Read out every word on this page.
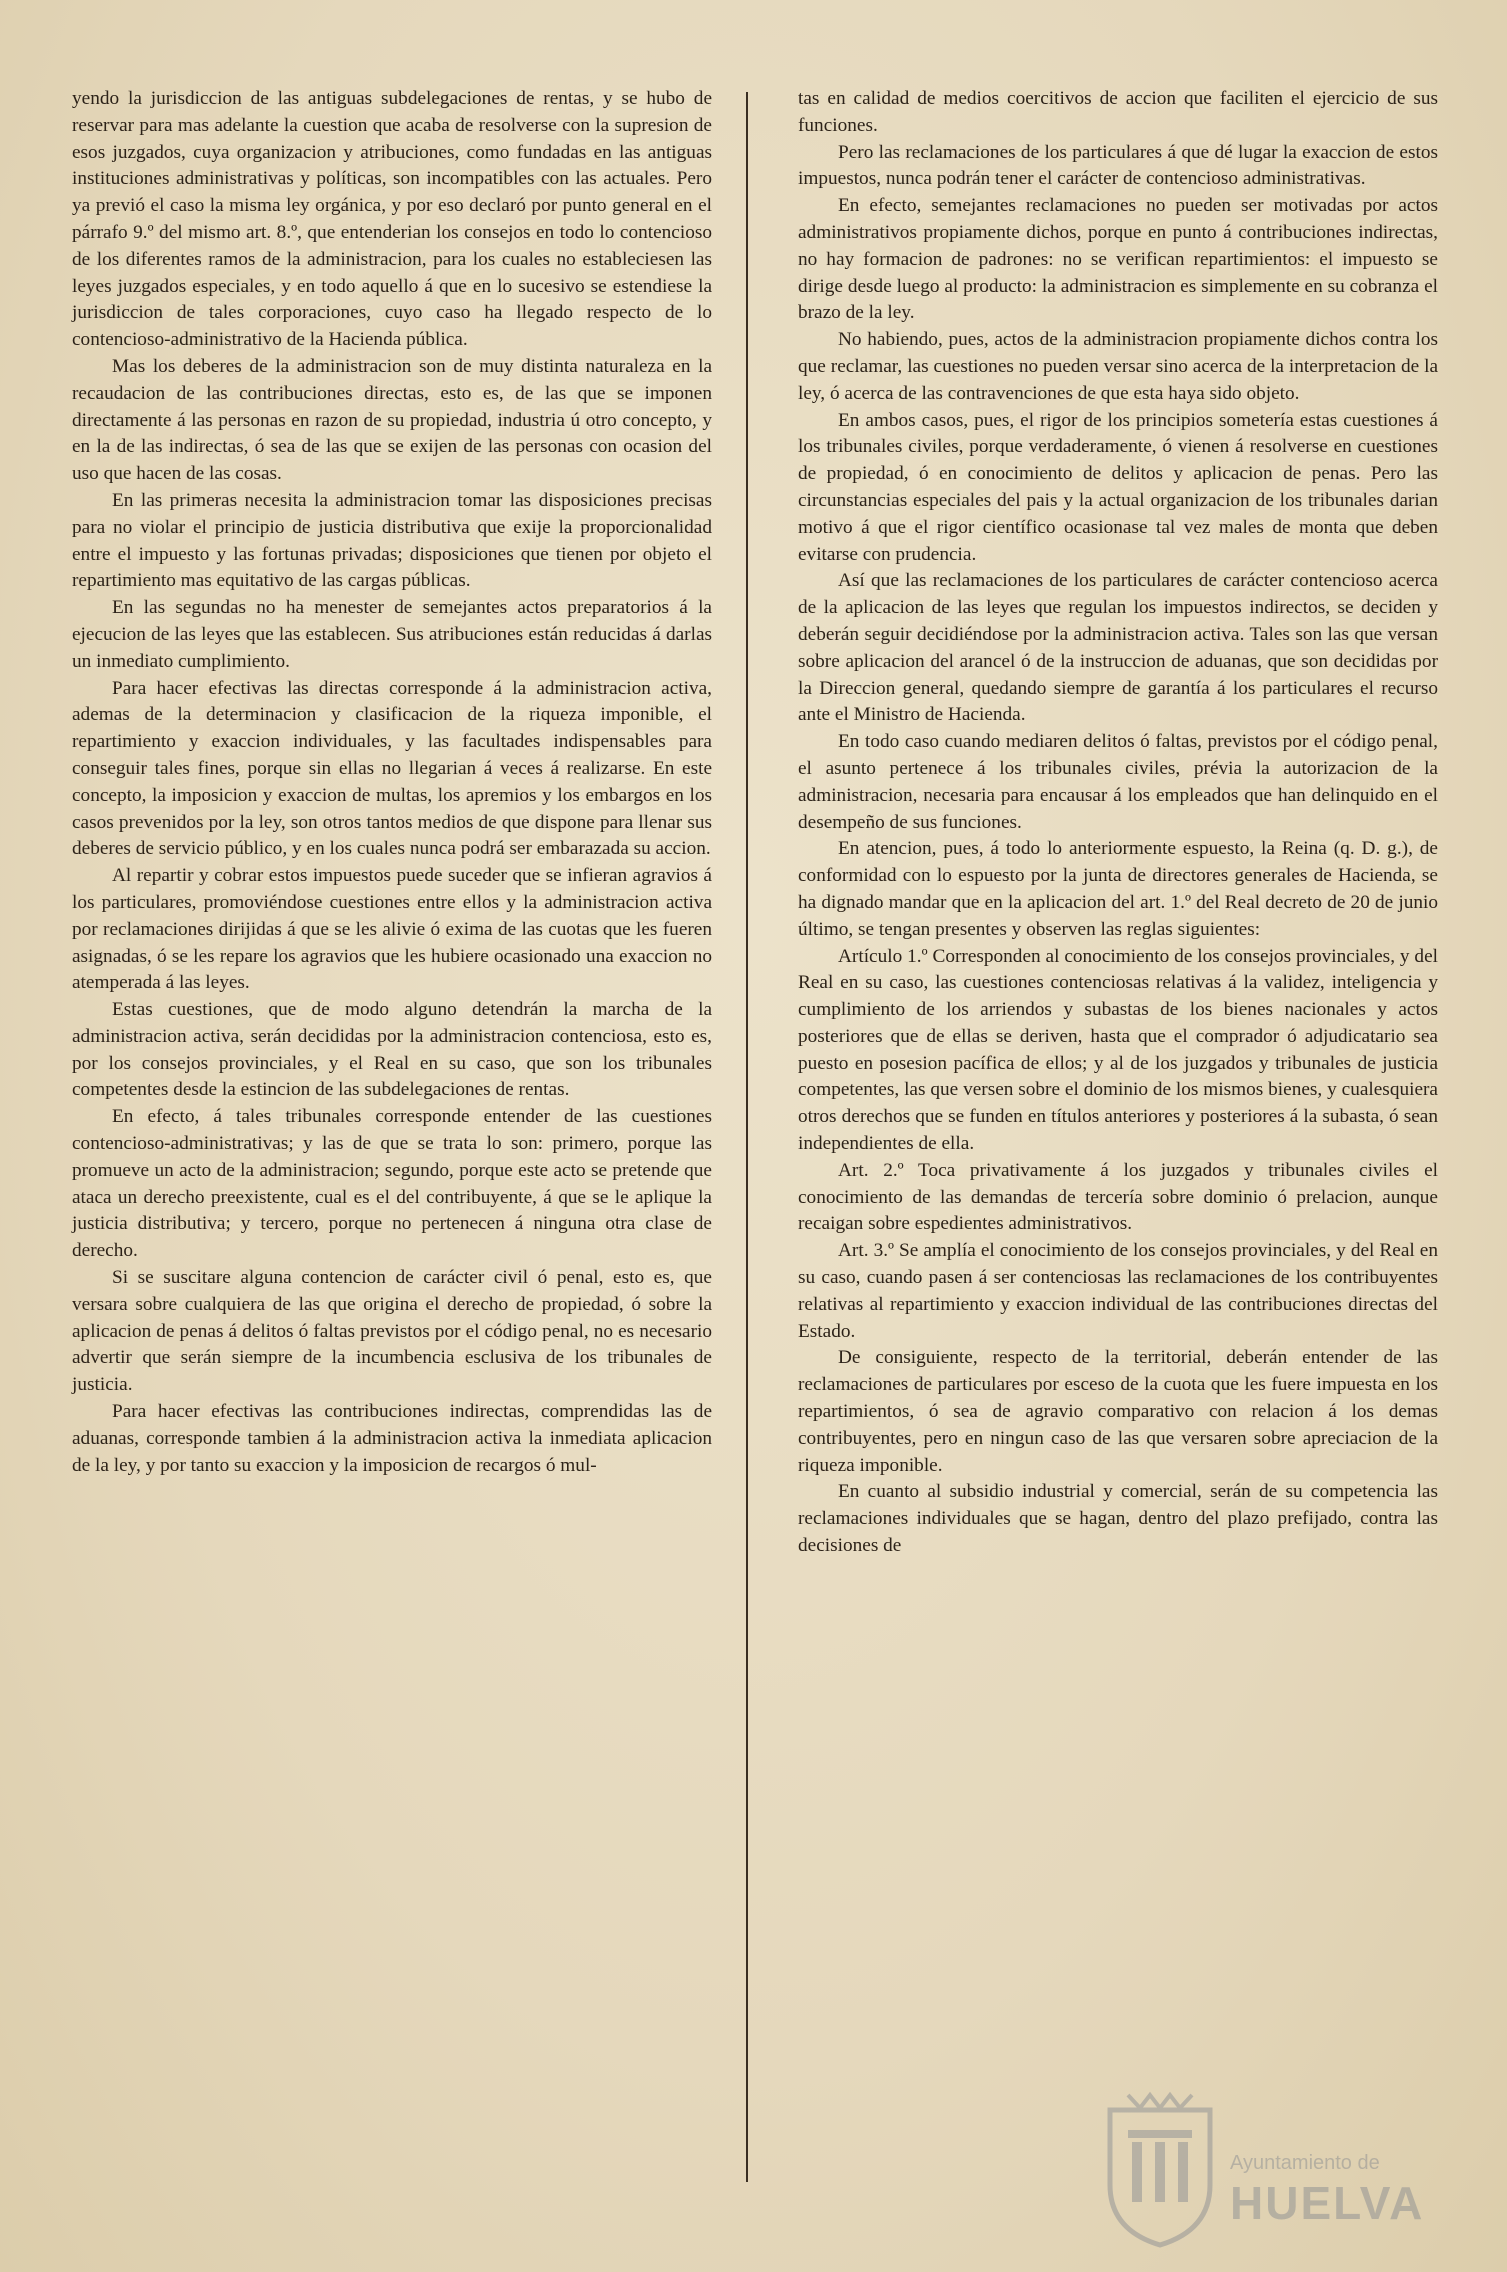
yendo la jurisdiccion de las antiguas subdelegaciones de rentas, y se hubo de reservar para mas adelante la cuestion que acaba de resolverse con la supresion de esos juzgados, cuya organizacion y atribuciones, como fundadas en las antiguas instituciones administrativas y políticas, son incompatibles con las actuales. Pero ya previó el caso la misma ley orgánica, y por eso declaró por punto general en el párrafo 9.º del mismo art. 8.º, que entenderian los consejos en todo lo contencioso de los diferentes ramos de la administracion, para los cuales no estableciesen las leyes juzgados especiales, y en todo aquello á que en lo sucesivo se estendiese la jurisdiccion de tales corporaciones, cuyo caso ha llegado respecto de lo contencioso-administrativo de la Hacienda pública.

Mas los deberes de la administracion son de muy distinta naturaleza en la recaudacion de las contribuciones directas, esto es, de las que se imponen directamente á las personas en razon de su propiedad, industria ú otro concepto, y en la de las indirectas, ó sea de las que se exijen de las personas con ocasion del uso que hacen de las cosas.

En las primeras necesita la administracion tomar las disposiciones precisas para no violar el principio de justicia distributiva que exije la proporcionalidad entre el impuesto y las fortunas privadas; disposiciones que tienen por objeto el repartimiento mas equitativo de las cargas públicas.

En las segundas no ha menester de semejantes actos preparatorios á la ejecucion de las leyes que las establecen. Sus atribuciones están reducidas á darlas un inmediato cumplimiento.

Para hacer efectivas las directas corresponde á la administracion activa, ademas de la determinacion y clasificacion de la riqueza imponible, el repartimiento y exaccion individuales, y las facultades indispensables para conseguir tales fines, porque sin ellas no llegarian á veces á realizarse. En este concepto, la imposicion y exaccion de multas, los apremios y los embargos en los casos prevenidos por la ley, son otros tantos medios de que dispone para llenar sus deberes de servicio público, y en los cuales nunca podrá ser embarazada su accion.

Al repartir y cobrar estos impuestos puede suceder que se infieran agravios á los particulares, promoviéndose cuestiones entre ellos y la administracion activa por reclamaciones dirijidas á que se les alivie ó exima de las cuotas que les fueren asignadas, ó se les repare los agravios que les hubiere ocasionado una exaccion no atemperada á las leyes.

Estas cuestiones, que de modo alguno detendrán la marcha de la administracion activa, serán decididas por la administracion contenciosa, esto es, por los consejos provinciales, y el Real en su caso, que son los tribunales competentes desde la estincion de las subdelegaciones de rentas.

En efecto, á tales tribunales corresponde entender de las cuestiones contencioso-administrativas; y las de que se trata lo son: primero, porque las promueve un acto de la administracion; segundo, porque este acto se pretende que ataca un derecho preexistente, cual es el del contribuyente, á que se le aplique la justicia distributiva; y tercero, porque no pertenecen á ninguna otra clase de derecho.

Si se suscitare alguna contencion de carácter civil ó penal, esto es, que versara sobre cualquiera de las que origina el derecho de propiedad, ó sobre la aplicacion de penas á delitos ó faltas previstos por el código penal, no es necesario advertir que serán siempre de la incumbencia esclusiva de los tribunales de justicia.

Para hacer efectivas las contribuciones indirectas, comprendidas las de aduanas, corresponde tambien á la administracion activa la inmediata aplicacion de la ley, y por tanto su exaccion y la imposicion de recargos ó mul-

tas en calidad de medios coercitivos de accion que faciliten el ejercicio de sus funciones.

Pero las reclamaciones de los particulares á que dé lugar la exaccion de estos impuestos, nunca podrán tener el carácter de contencioso administrativas.

En efecto, semejantes reclamaciones no pueden ser motivadas por actos administrativos propiamente dichos, porque en punto á contribuciones indirectas, no hay formacion de padrones: no se verifican repartimientos: el impuesto se dirige desde luego al producto: la administracion es simplemente en su cobranza el brazo de la ley.

No habiendo, pues, actos de la administracion propiamente dichos contra los que reclamar, las cuestiones no pueden versar sino acerca de la interpretacion de la ley, ó acerca de las contravenciones de que esta haya sido objeto.

En ambos casos, pues, el rigor de los principios sometería estas cuestiones á los tribunales civiles, porque verdaderamente, ó vienen á resolverse en cuestiones de propiedad, ó en conocimiento de delitos y aplicacion de penas. Pero las circunstancias especiales del pais y la actual organizacion de los tribunales darian motivo á que el rigor científico ocasionase tal vez males de monta que deben evitarse con prudencia.

Así que las reclamaciones de los particulares de carácter contencioso acerca de la aplicacion de las leyes que regulan los impuestos indirectos, se deciden y deberán seguir decidiéndose por la administracion activa. Tales son las que versan sobre aplicacion del arancel ó de la instruccion de aduanas, que son decididas por la Direccion general, quedando siempre de garantía á los particulares el recurso ante el Ministro de Hacienda.

En todo caso cuando mediaren delitos ó faltas, previstos por el código penal, el asunto pertenece á los tribunales civiles, prévia la autorizacion de la administracion, necesaria para encausar á los empleados que han delinquido en el desempeño de sus funciones.

En atencion, pues, á todo lo anteriormente espuesto, la Reina (q. D. g.), de conformidad con lo espuesto por la junta de directores generales de Hacienda, se ha dignado mandar que en la aplicacion del art. 1.º del Real decreto de 20 de junio último, se tengan presentes y observen las reglas siguientes:

Artículo 1.º Corresponden al conocimiento de los consejos provinciales, y del Real en su caso, las cuestiones contenciosas relativas á la validez, inteligencia y cumplimiento de los arriendos y subastas de los bienes nacionales y actos posteriores que de ellas se deriven, hasta que el comprador ó adjudicatario sea puesto en posesion pacífica de ellos; y al de los juzgados y tribunales de justicia competentes, las que versen sobre el dominio de los mismos bienes, y cualesquiera otros derechos que se funden en títulos anteriores y posteriores á la subasta, ó sean independientes de ella.

Art. 2.º Toca privativamente á los juzgados y tribunales civiles el conocimiento de las demandas de tercería sobre dominio ó prelacion, aunque recaigan sobre espedientes administrativos.

Art. 3.º Se amplía el conocimiento de los consejos provinciales, y del Real en su caso, cuando pasen á ser contenciosas las reclamaciones de los contribuyentes relativas al repartimiento y exaccion individual de las contribuciones directas del Estado.

De consiguiente, respecto de la territorial, deberán entender de las reclamaciones de particulares por esceso de la cuota que les fuere impuesta en los repartimientos, ó sea de agravio comparativo con relacion á los demas contribuyentes, pero en ningun caso de las que versaren sobre apreciacion de la riqueza imponible.

En cuanto al subsidio industrial y comercial, serán de su competencia las reclamaciones individuales que se hagan, dentro del plazo prefijado, contra las decisiones de

Ayuntamiento de
HUELVA
